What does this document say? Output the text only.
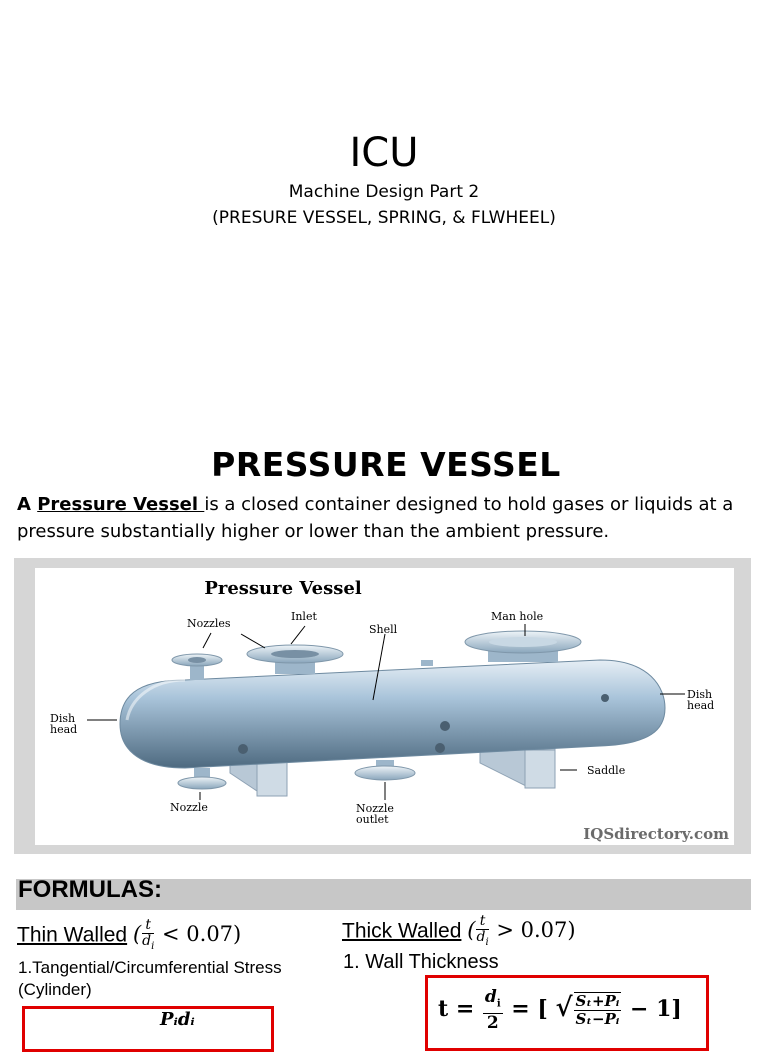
ICU
Machine Design Part 2
(PRESURE VESSEL, SPRING, & FLWHEEL)
PRESSURE VESSEL
A Pressure Vessel is a closed container designed to hold gases or liquids at a pressure substantially higher or lower than the ambient pressure.
Pressure Vessel
Nozzles
Inlet
Shell
Man hole
Dish
head
Dish
head
Saddle
Nozzle	Nozzle
outlet
IQSdirectory.com
FORMULAS:
Thin Walled ( $\frac{t}{d_i} < 0.07$)	Thick Walled ( $\frac{t}{d_i} > 0.07$)
1.Tangential/Circumferential Stress (Cylinder)
1. Wall Thickness
Pᵢdᵢ	$t = \frac{d_i}{2}$ = [ √ $\frac{\text{Sₜ+Pᵢ}}{\text{Sₜ−Pᵢ}} - 1$]
